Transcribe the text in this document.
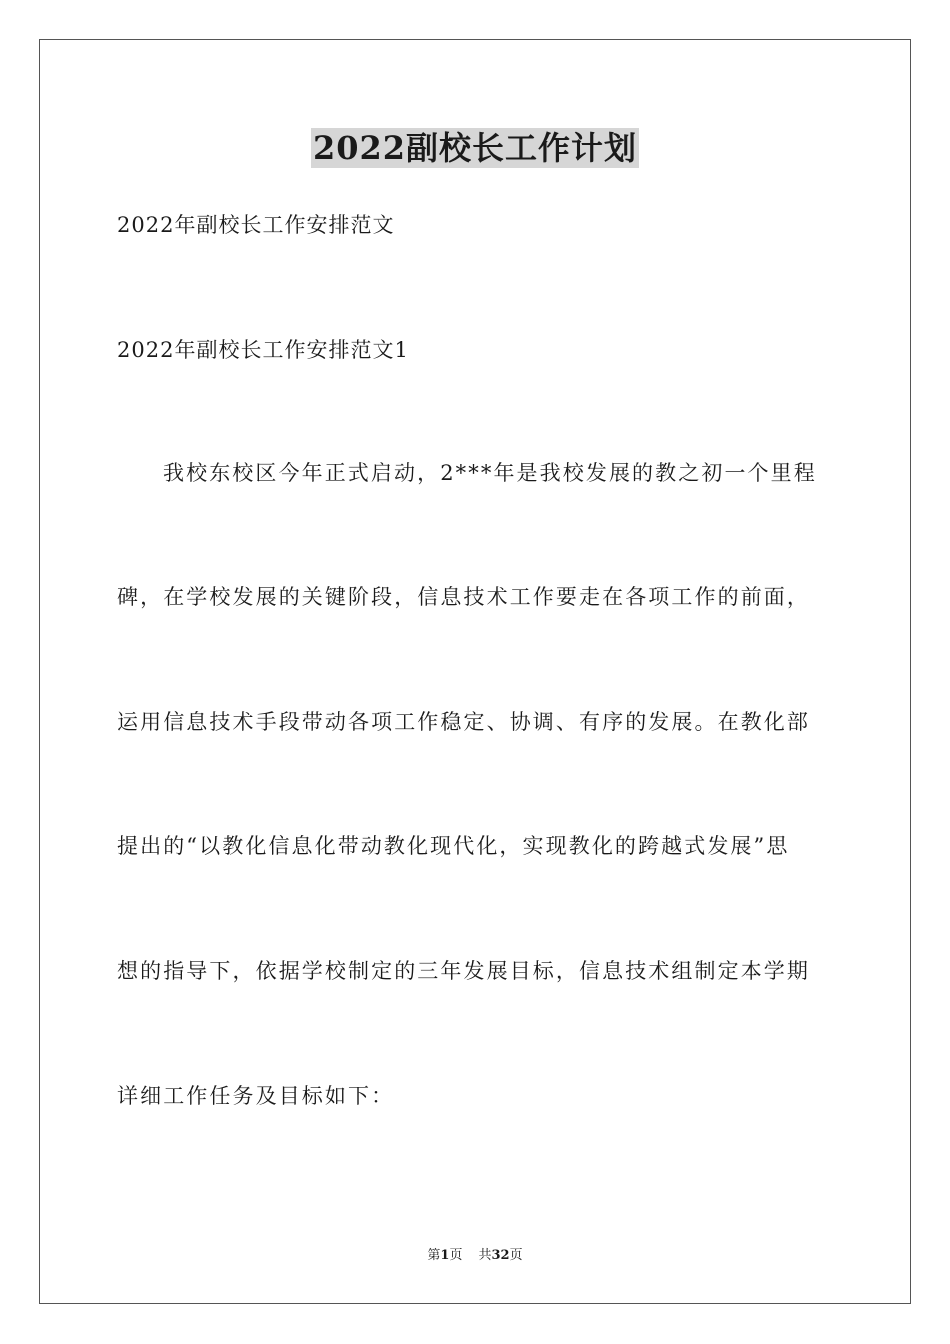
2022副校长工作计划
2022年副校长工作安排范文
2022年副校长工作安排范文1
我校东校区今年正式启动，2***年是我校发展的教之初一个里程
碑，在学校发展的关键阶段，信息技术工作要走在各项工作的前面，
运用信息技术手段带动各项工作稳定、协调、有序的发展。在教化部
提出的“以教化信息化带动教化现代化，实现教化的跨越式发展”思
想的指导下，依据学校制定的三年发展目标，信息技术组制定本学期
详细工作任务及目标如下：
第1页 共32页
